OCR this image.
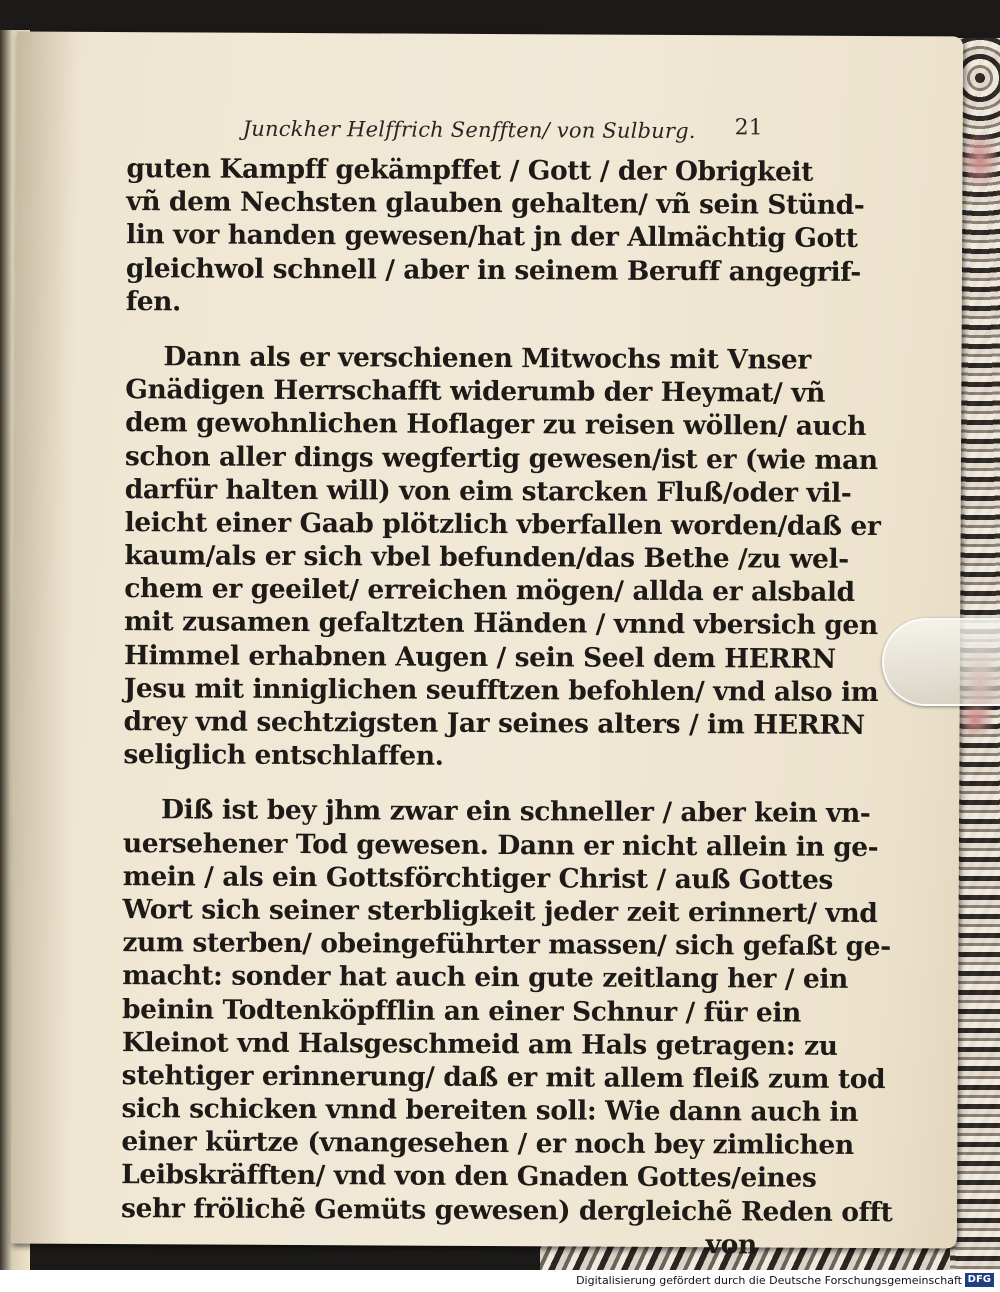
Junckher Helffrich Senfften/ von Sulburg.	21
guten Kampff gekämpffet / Gott / der Obrigkeit
vñ dem Nechsten glauben gehalten/ vñ sein Stünd-
lin vor handen gewesen/hat jn der Allmächtig Gott
gleichwol schnell / aber in seinem Beruff angegrif-
fen.
Dann als er verschienen Mitwochs mit Vnser
Gnädigen Herrschafft widerumb der Heymat/ vñ
dem gewohnlichen Hoflager zu reisen wöllen/ auch
schon aller dings wegfertig gewesen/ist er (wie man
darfür halten will) von eim starcken Fluß/oder vil-
leicht einer Gaab plötzlich vberfallen worden/daß er
kaum/als er sich vbel befunden/das Bethe /zu wel-
chem er geeilet/ erreichen mögen/ allda er alsbald
mit zusamen gefaltzten Händen / vnnd vbersich gen
Himmel erhabnen Augen / sein Seel dem HERRN
Jesu mit inniglichen seufftzen befohlen/ vnd also im
drey vnd sechtzigsten Jar seines alters / im HERRN
seliglich entschlaffen.
Diß ist bey jhm zwar ein schneller / aber kein vn-
uersehener Tod gewesen. Dann er nicht allein in ge-
mein / als ein Gottsförchtiger Christ / auß Gottes
Wort sich seiner sterbligkeit jeder zeit erinnert/ vnd
zum sterben/ obeingeführter massen/ sich gefaßt ge-
macht: sonder hat auch ein gute zeitlang her / ein
beinin Todtenköpfflin an einer Schnur / für ein
Kleinot vnd Halsgeschmeid am Hals getragen: zu
stehtiger erinnerung/ daß er mit allem fleiß zum tod
sich schicken vnnd bereiten soll: Wie dann auch in
einer kürtze (vnangesehen / er noch bey zimlichen
Leibskräfften/ vnd von den Gnaden Gottes/eines
sehr frölichẽ Gemüts gewesen) dergleichẽ Reden offt
von
Digitalisierung gefördert durch die Deutsche Forschungsgemeinschaft DFG
